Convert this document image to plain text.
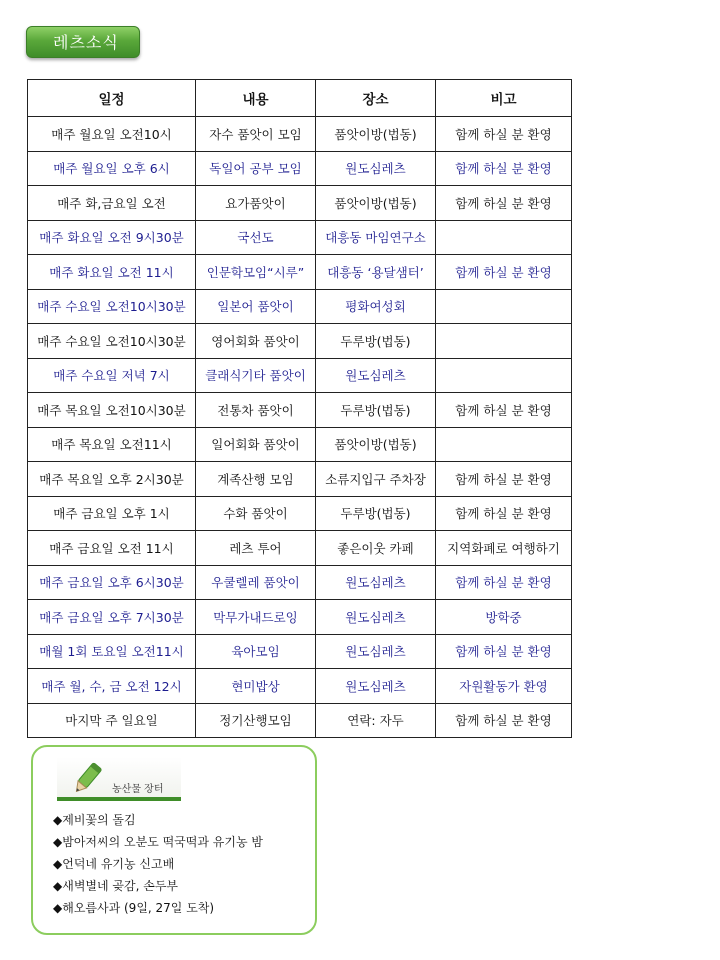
레츠소식
일정	내용	장소	비고
매주 월요일 오전10시	자수 품앗이 모임	품앗이방(법동)	함께 하실 분 환영
매주 월요일 오후 6시	독일어 공부 모임	원도심레츠	함께 하실 분 환영
매주 화,금요일 오전	요가품앗이	품앗이방(법동)	함께 하실 분 환영
매주 화요일 오전 9시30분	국선도	대흥동 마임연구소	
매주 화요일 오전 11시	인문학모임“시루”	대흥동 ‘용달샘터’	함께 하실 분 환영
매주 수요일 오전10시30분	일본어 품앗이	평화여성회	
매주 수요일 오전10시30분	영어회화 품앗이	두루방(법동)	
매주 수요일 저녁 7시	클래식기타 품앗이	원도심레츠	
매주 목요일 오전10시30분	전통차 품앗이	두루방(법동)	함께 하실 분 환영
매주 목요일 오전11시	일어회화 품앗이	품앗이방(법동)	
매주 목요일 오후 2시30분	계족산행 모임	소류지입구 주차장	함께 하실 분 환영
매주 금요일 오후 1시	수화 품앗이	두루방(법동)	함께 하실 분 환영
매주 금요일 오전 11시	레츠 투어	좋은이웃 카페	지역화폐로 여행하기
매주 금요일 오후 6시30분	우쿨렐레 품앗이	원도심레츠	함께 하실 분 환영
매주 금요일 오후 7시30분	막무가내드로잉	원도심레츠	방학중
매월 1회 토요일 오전11시	육아모임	원도심레츠	함께 하실 분 환영
매주 월, 수, 금 오전 12시	현미밥상	원도심레츠	자원활동가 환영
마지막 주 일요일	정기산행모임	연락: 자두	함께 하실 분 환영
농산물 장터
◆제비꽃의 돌김
◆밤아저씨의 오분도 떡국떡과 유기농 밤
◆언덕네 유기농 신고배
◆새벽별네 곶감, 손두부
◆해오름사과 (9일, 27일 도착)
